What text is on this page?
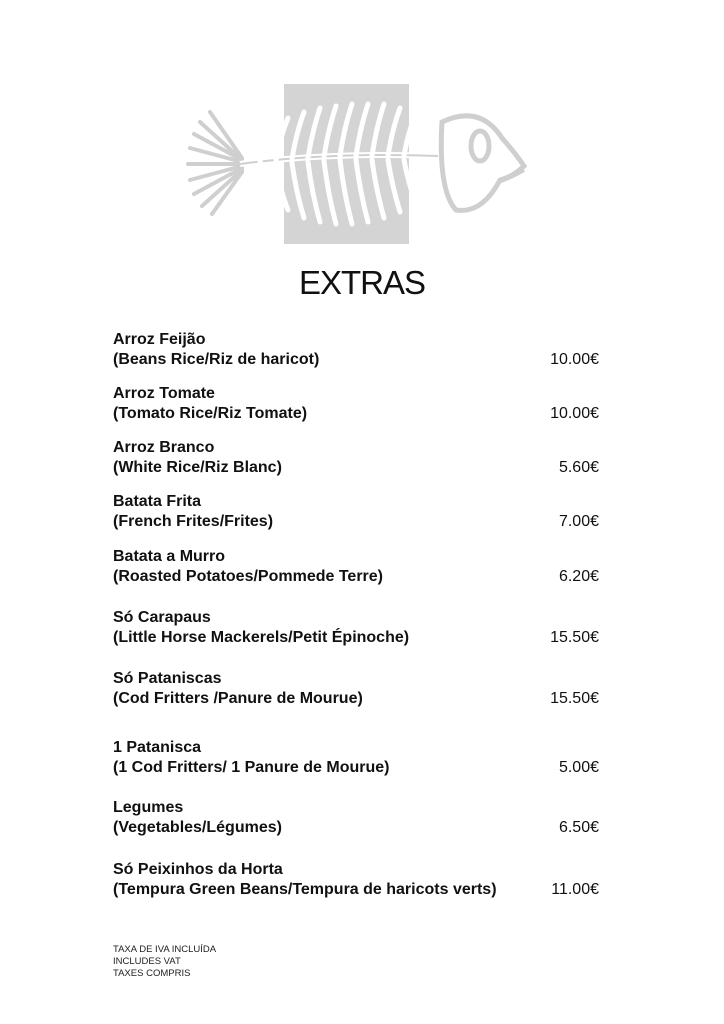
EXTRAS
Arroz Feijão
(Beans Rice/Riz de haricot)	10.00€
Arroz Tomate
(Tomato Rice/Riz Tomate)	10.00€
Arroz Branco
(White Rice/Riz Blanc)	5.60€
Batata Frita
(French Frites/Frites)	7.00€
Batata a Murro
(Roasted Potatoes/Pommede Terre)	6.20€
Só Carapaus
(Little Horse Mackerels/Petit Épinoche)	15.50€
Só Pataniscas
(Cod Fritters /Panure de Mourue)	15.50€
1 Patanisca
(1 Cod Fritters/ 1 Panure de Mourue)	5.00€
Legumes
(Vegetables/Légumes)	6.50€
Só Peixinhos da Horta
(Tempura Green Beans/Tempura de haricots verts)	11.00€
TAXA DE IVA INCLUÍDA
INCLUDES VAT
TAXES COMPRIS
